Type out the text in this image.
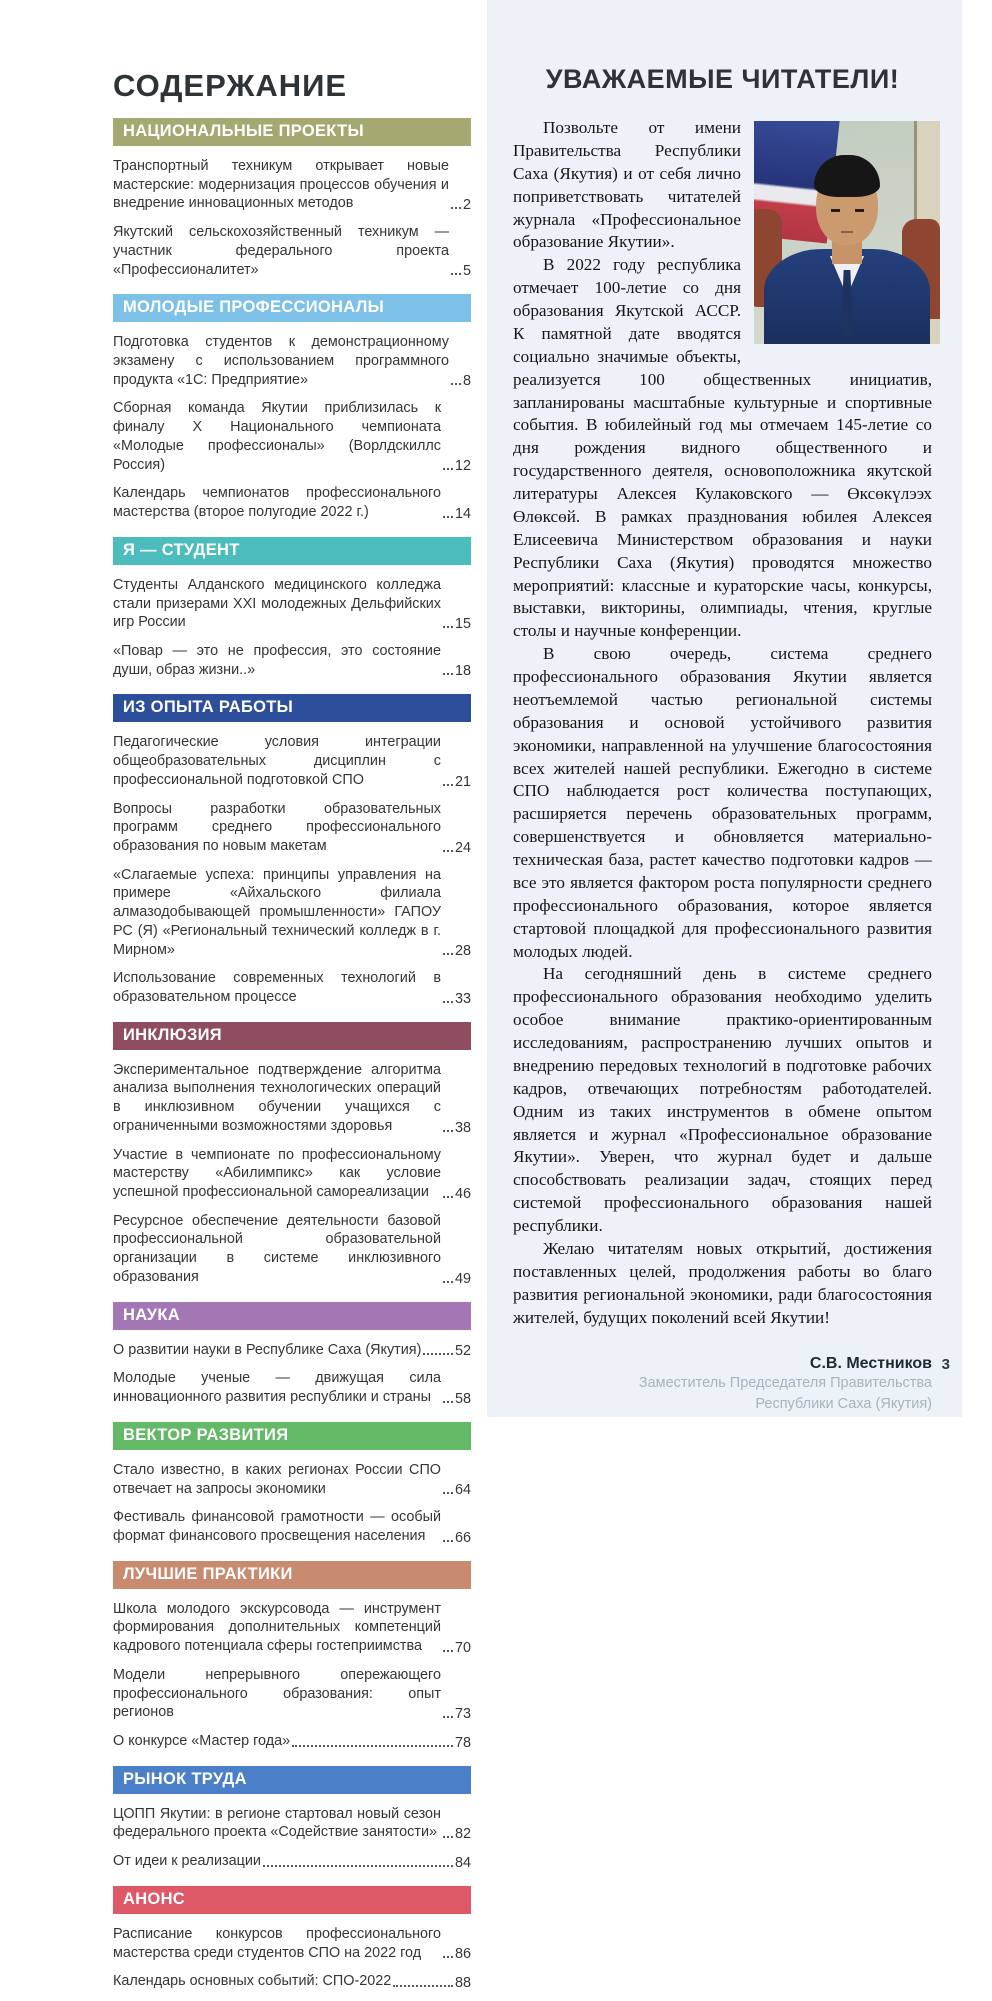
СОДЕРЖАНИЕ
НАЦИОНАЛЬНЫЕ ПРОЕКТЫ
Транспортный техникум открывает новые мастерские: модернизация процессов обучения и внедрение инновационных методов	2
Якутский сельскохозяйственный техникум — участник федерального проекта «Профессионалитет»	5
МОЛОДЫЕ ПРОФЕССИОНАЛЫ
Подготовка студентов к демонстрационному экзамену с использованием программного продукта «1С: Предприятие»	8
Сборная команда Якутии приблизилась к финалу X Национального чемпионата «Молодые профессионалы» (Ворлдскиллс Россия)	12
Календарь чемпионатов профессионального мастерства (второе полугодие 2022 г.)	14
Я — СТУДЕНТ
Студенты Алданского медицинского колледжа стали призерами XXI молодежных Дельфийских игр России	15
«Повар — это не профессия, это состояние души, образ жизни..»	18
ИЗ ОПЫТА РАБОТЫ
Педагогические условия интеграции общеобразовательных дисциплин с профессиональной подготовкой СПО	21
Вопросы разработки образовательных программ среднего профессионального образования по новым макетам	24
«Слагаемые успеха: принципы управления на примере «Айхальского филиала алмазодобывающей промышленности» ГАПОУ РС (Я) «Региональный технический колледж в г. Мирном»	28
Использование современных технологий в образовательном процессе	33
ИНКЛЮЗИЯ
Экспериментальное подтверждение алгоритма анализа выполнения технологических операций в инклюзивном обучении учащихся с ограниченными возможностями здоровья	38
Участие в чемпионате по профессиональному мастерству «Абилимпикс» как условие успешной профессиональной самореализации	46
Ресурсное обеспечение деятельности базовой профессиональной образовательной организации в системе инклюзивного образования	49
НАУКА
О развитии науки в Республике Саха (Якутия) 52
Молодые ученые — движущая сила инновационного развития республики и страны	58
ВЕКТОР РАЗВИТИЯ
Стало известно, в каких регионах России СПО отвечает на запросы экономики	64
Фестиваль финансовой грамотности — особый формат финансового просвещения населения	66
ЛУЧШИЕ ПРАКТИКИ
Школа молодого экскурсовода — инструмент формирования дополнительных компетенций кадрового потенциала сферы гостеприимства	70
Модели непрерывного опережающего профессионального образования: опыт регионов	73
О конкурсе «Мастер года»	78
РЫНОК ТРУДА
ЦОПП Якутии: в регионе стартовал новый сезон федерального проекта «Содействие занятости» 82
От идеи к реализации	84
АНОНС
Расписание конкурсов профессионального мастерства среди студентов СПО на 2022 год	86
Календарь основных событий: СПО-2022	88
УВАЖАЕМЫЕ ЧИТАТЕЛИ!

Позвольте от имени Правительства Республики Саха (Якутия) и от себя лично поприветствовать читателей журнала «Профессиональное образование Якутии».

В 2022 году республика отмечает 100-летие со дня образования Якутской АССР. К памятной дате вводятся социально значимые объекты, реализуется 100 общественных инициатив, запланированы масштабные культурные и спортивные события. В юбилейный год мы отмечаем 145-летие со дня рождения видного общественного и государственного деятеля, основоположника якутской литературы Алексея Кулаковского — Өксөкүлээх Өлөксөй. В рамках празднования юбилея Алексея Елисеевича Министерством образования и науки Республики Саха (Якутия) проводятся множество мероприятий: классные и кураторские часы, конкурсы, выставки, викторины, олимпиады, чтения, круглые столы и научные конференции.

В свою очередь, система среднего профессионального образования Якутии является неотъемлемой частью региональной системы образования и основой устойчивого развития экономики, направленной на улучшение благосостояния всех жителей нашей республики. Ежегодно в системе СПО наблюдается рост количества поступающих, расширяется перечень образовательных программ, совершенствуется и обновляется материально-техническая база, растет качество подготовки кадров — все это является фактором роста популярности среднего профессионального образования, которое является стартовой площадкой для профессионального развития молодых людей.

На сегодняшний день в системе среднего профессионального образования необходимо уделить особое внимание практико-ориентированным исследованиям, распространению лучших опытов и внедрению передовых технологий в подготовке рабочих кадров, отвечающих потребностям работодателей. Одним из таких инструментов в обмене опытом является и журнал «Профессиональное образование Якутии». Уверен, что журнал будет и дальше способствовать реализации задач, стоящих перед системой профессионального образования нашей республики.

Желаю читателям новых открытий, достижения поставленных целей, продолжения работы во благо развития региональной экономики, ради благосостояния жителей, будущих поколений всей Якутии!

С.В. Местников
Заместитель Председателя Правительства
Республики Саха (Якутия)
3
